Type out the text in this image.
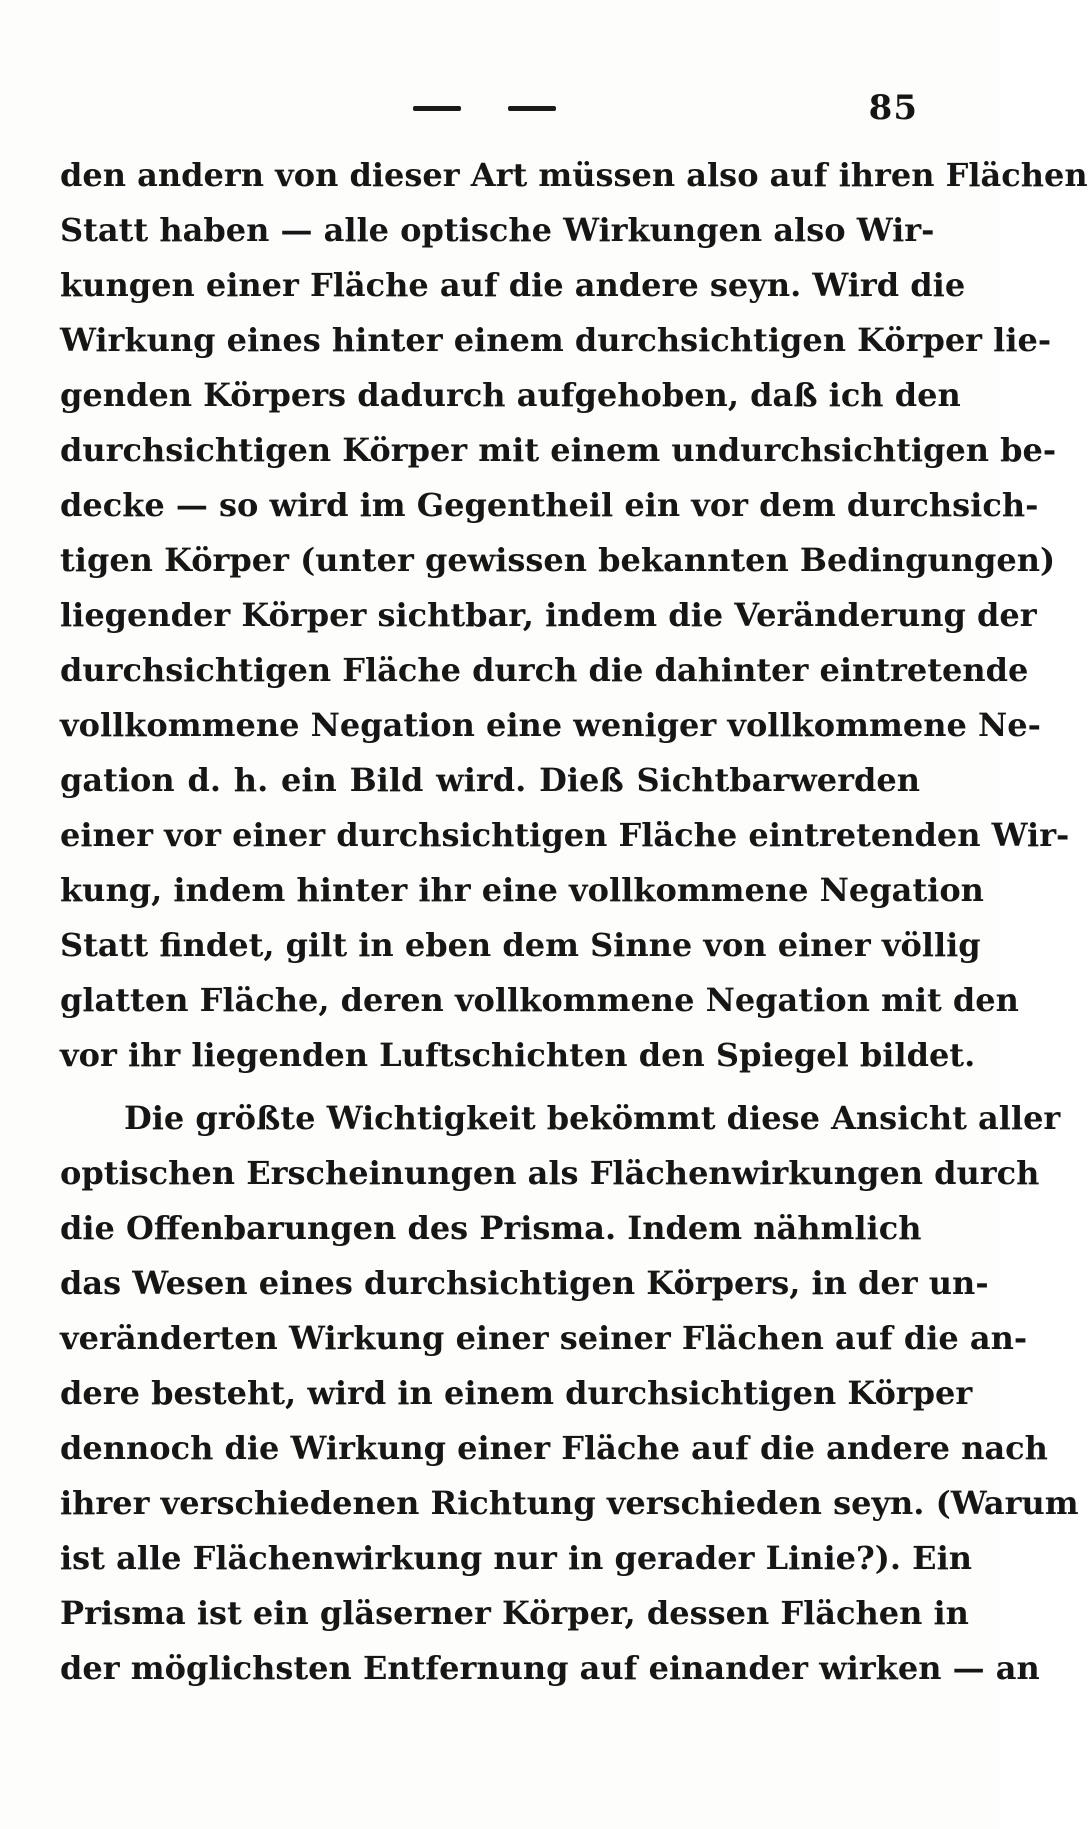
85
den andern von dieser Art müssen also auf ihren Flächen
Statt haben — alle optische Wirkungen also Wir-
kungen einer Fläche auf die andere seyn. Wird die
Wirkung eines hinter einem durchsichtigen Körper lie-
genden Körpers dadurch aufgehoben, daß ich den
durchsichtigen Körper mit einem undurchsichtigen be-
decke — so wird im Gegentheil ein vor dem durchsich-
tigen Körper (unter gewissen bekannten Bedingungen)
liegender Körper sichtbar, indem die Veränderung der
durchsichtigen Fläche durch die dahinter eintretende
vollkommene Negation eine weniger vollkommene Ne-
gation d. h. ein Bild wird. Dieß Sichtbarwerden
einer vor einer durchsichtigen Fläche eintretenden Wir-
kung, indem hinter ihr eine vollkommene Negation
Statt findet, gilt in eben dem Sinne von einer völlig
glatten Fläche, deren vollkommene Negation mit den
vor ihr liegenden Luftschichten den Spiegel bildet.
Die größte Wichtigkeit bekömmt diese Ansicht aller
optischen Erscheinungen als Flächenwirkungen durch
die Offenbarungen des Prisma. Indem nähmlich
das Wesen eines durchsichtigen Körpers, in der un-
veränderten Wirkung einer seiner Flächen auf die an-
dere besteht, wird in einem durchsichtigen Körper
dennoch die Wirkung einer Fläche auf die andere nach
ihrer verschiedenen Richtung verschieden seyn. (Warum
ist alle Flächenwirkung nur in gerader Linie?). Ein
Prisma ist ein gläserner Körper, dessen Flächen in
der möglichsten Entfernung auf einander wirken — an
